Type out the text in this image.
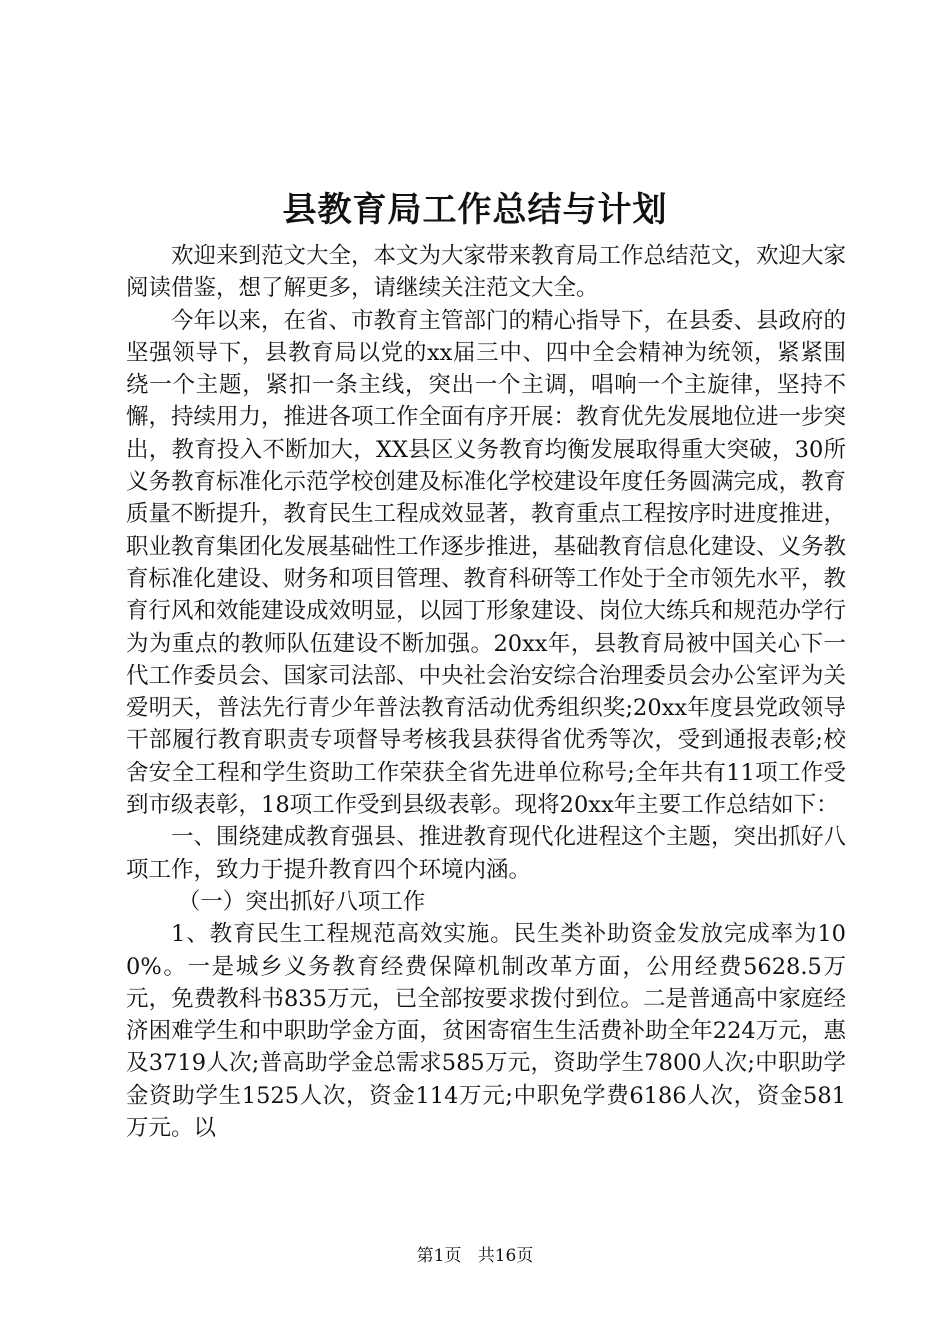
县教育局工作总结与计划

欢迎来到范文大全，本文为大家带来教育局工作总结范文，欢迎大家阅读借鉴，想了解更多，请继续关注范文大全。

今年以来，在省、市教育主管部门的精心指导下，在县委、县政府的坚强领导下，县教育局以党的xx届三中、四中全会精神为统领，紧紧围绕一个主题，紧扣一条主线，突出一个主调，唱响一个主旋律，坚持不懈，持续用力，推进各项工作全面有序开展：教育优先发展地位进一步突出，教育投入不断加大，XX县区义务教育均衡发展取得重大突破，30所义务教育标准化示范学校创建及标准化学校建设年度任务圆满完成，教育质量不断提升，教育民生工程成效显著，教育重点工程按序时进度推进，职业教育集团化发展基础性工作逐步推进，基础教育信息化建设、义务教育标准化建设、财务和项目管理、教育科研等工作处于全市领先水平，教育行风和效能建设成效明显，以园丁形象建设、岗位大练兵和规范办学行为为重点的教师队伍建设不断加强。20xx年，县教育局被中国关心下一代工作委员会、国家司法部、中央社会治安综合治理委员会办公室评为关爱明天，普法先行青少年普法教育活动优秀组织奖;20xx年度县党政领导干部履行教育职责专项督导考核我县获得省优秀等次，受到通报表彰;校舍安全工程和学生资助工作荣获全省先进单位称号;全年共有11项工作受到市级表彰，18项工作受到县级表彰。现将20xx年主要工作总结如下：

一、围绕建成教育强县、推进教育现代化进程这个主题，突出抓好八项工作，致力于提升教育四个环境内涵。

（一）突出抓好八项工作

1、教育民生工程规范高效实施。民生类补助资金发放完成率为100%。一是城乡义务教育经费保障机制改革方面，公用经费5628.5万元，免费教科书835万元，已全部按要求拨付到位。二是普通高中家庭经济困难学生和中职助学金方面，贫困寄宿生生活费补助全年224万元，惠及3719人次;普高助学金总需求585万元，资助学生7800人次;中职助学金资助学生1525人次，资金114万元;中职免学费6186人次，资金581万元。以

第1页 共16页
